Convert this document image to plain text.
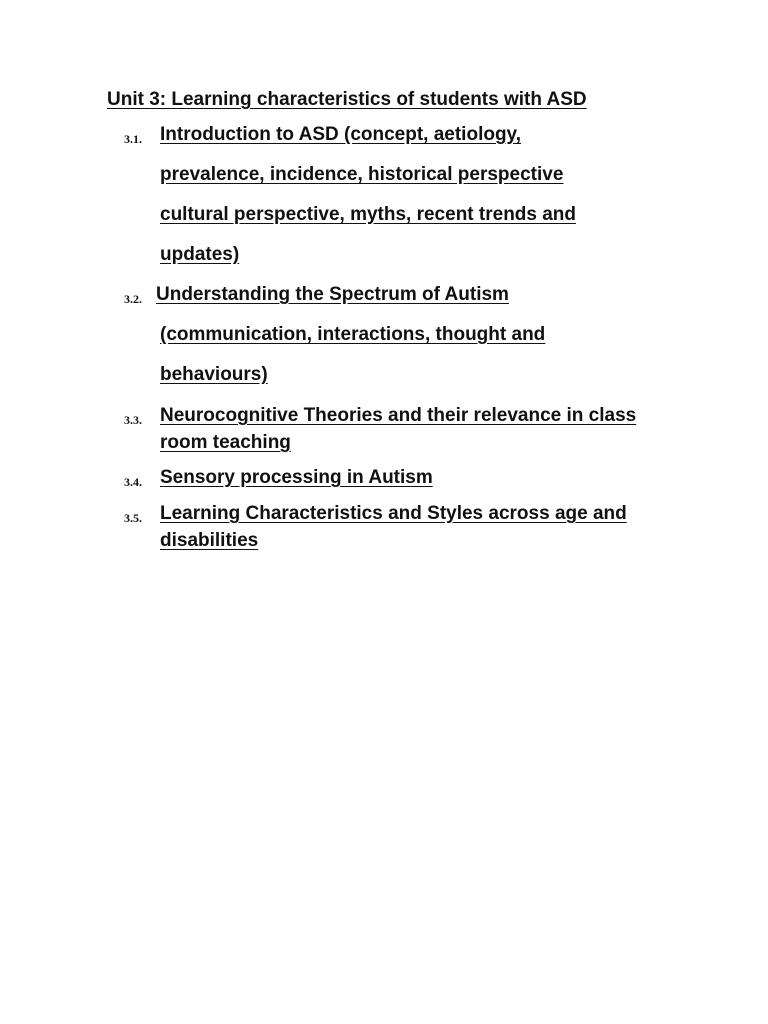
Unit 3: Learning characteristics of students with ASD
3.1. Introduction to ASD (concept, aetiology,
prevalence, incidence, historical perspective
cultural perspective, myths, recent trends and
updates)
3.2. Understanding the Spectrum of Autism
(communication, interactions, thought and
behaviours)
3.3. Neurocognitive Theories and their relevance in class
room teaching
3.4. Sensory processing in Autism
3.5. Learning Characteristics and Styles across age and
disabilities
